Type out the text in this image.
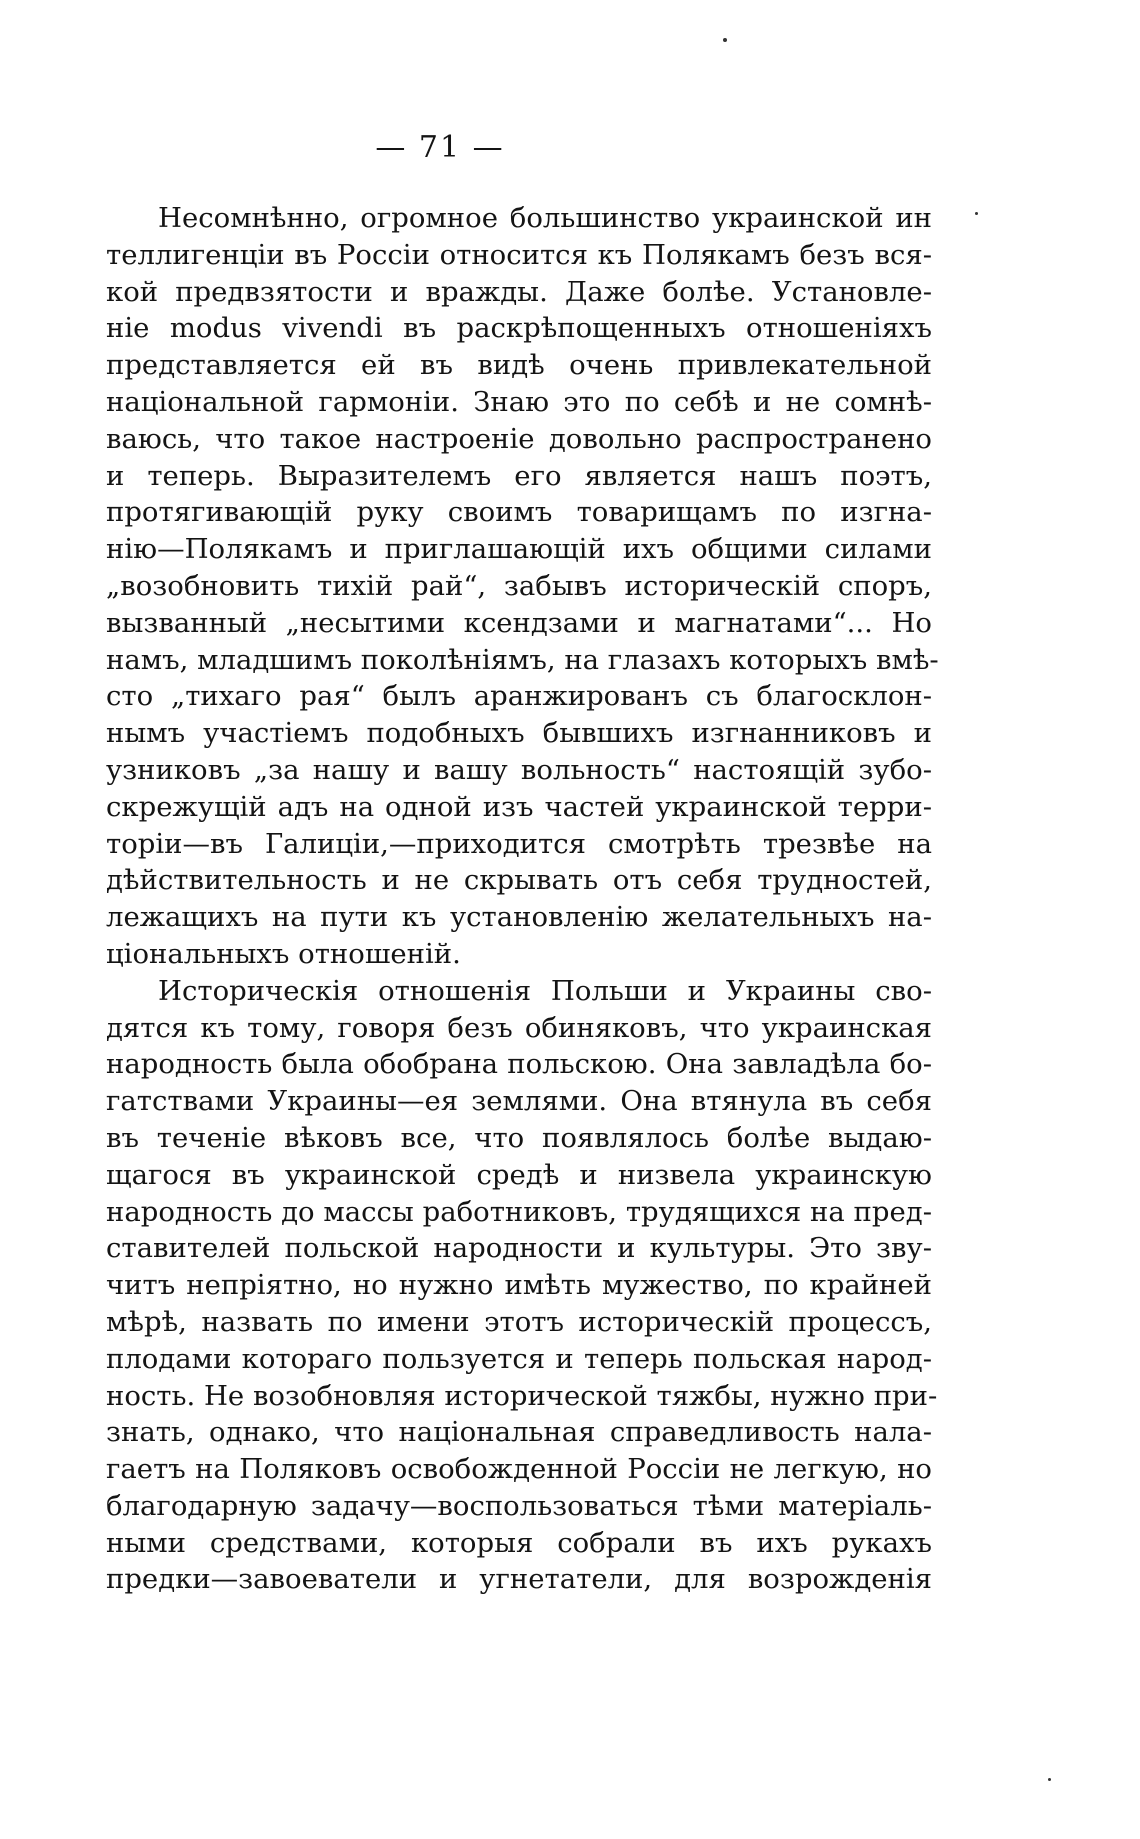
— 71 —

Несомнѣнно, огромное большинство украинской ин
теллигенціи въ Россіи относится къ Полякамъ безъ вся-
кой предвзятости и вражды. Даже болѣе. Установле-
ніе modus vivendi въ раскрѣпощенныхъ отношеніяхъ
представляется ей въ видѣ очень привлекательной
національной гармоніи. Знаю это по себѣ и не сомнѣ-
ваюсь, что такое настроеніе довольно распространено
и теперь. Выразителемъ его является нашъ поэтъ,
протягивающій руку своимъ товарищамъ по изгна-
нію—Полякамъ и приглашающій ихъ общими силами
„возобновить тихій рай“, забывъ историческій споръ,
вызванный „несытими ксендзами и магнатами“... Но
намъ, младшимъ поколѣніямъ, на глазахъ которыхъ вмѣ-
сто „тихаго рая“ былъ аранжированъ съ благосклон-
нымъ участіемъ подобныхъ бывшихъ изгнанниковъ и
узниковъ „за нашу и вашу вольность“ настоящій зубо-
скрежущій адъ на одной изъ частей украинской терри-
торіи—въ Галиціи,—приходится смотрѣть трезвѣе на
дѣйствительность и не скрывать отъ себя трудностей,
лежащихъ на пути къ установленію желательныхъ на-
ціональныхъ отношеній.

Историческія отношенія Польши и Украины сво-
дятся къ тому, говоря безъ обиняковъ, что украинская
народность была обобрана польскою. Она завладѣла бо-
гатствами Украины—ея землями. Она втянула въ себя
въ теченіе вѣковъ все, что появлялось болѣе выдаю-
щагося въ украинской средѣ и низвела украинскую
народность до массы работниковъ, трудящихся на пред-
ставителей польской народности и культуры. Это зву-
читъ непріятно, но нужно имѣть мужество, по крайней
мѣрѣ, назвать по имени этотъ историческій процессъ,
плодами котораго пользуется и теперь польская народ-
ность. Не возобновляя исторической тяжбы, нужно при-
знать, однако, что національная справедливость нала-
гаетъ на Поляковъ освобожденной Россіи не легкую, но
благодарную задачу—воспользоваться тѣми матеріаль-
ными средствами, которыя собрали въ ихъ рукахъ
предки—завоеватели и угнетатели, для возрожденія
